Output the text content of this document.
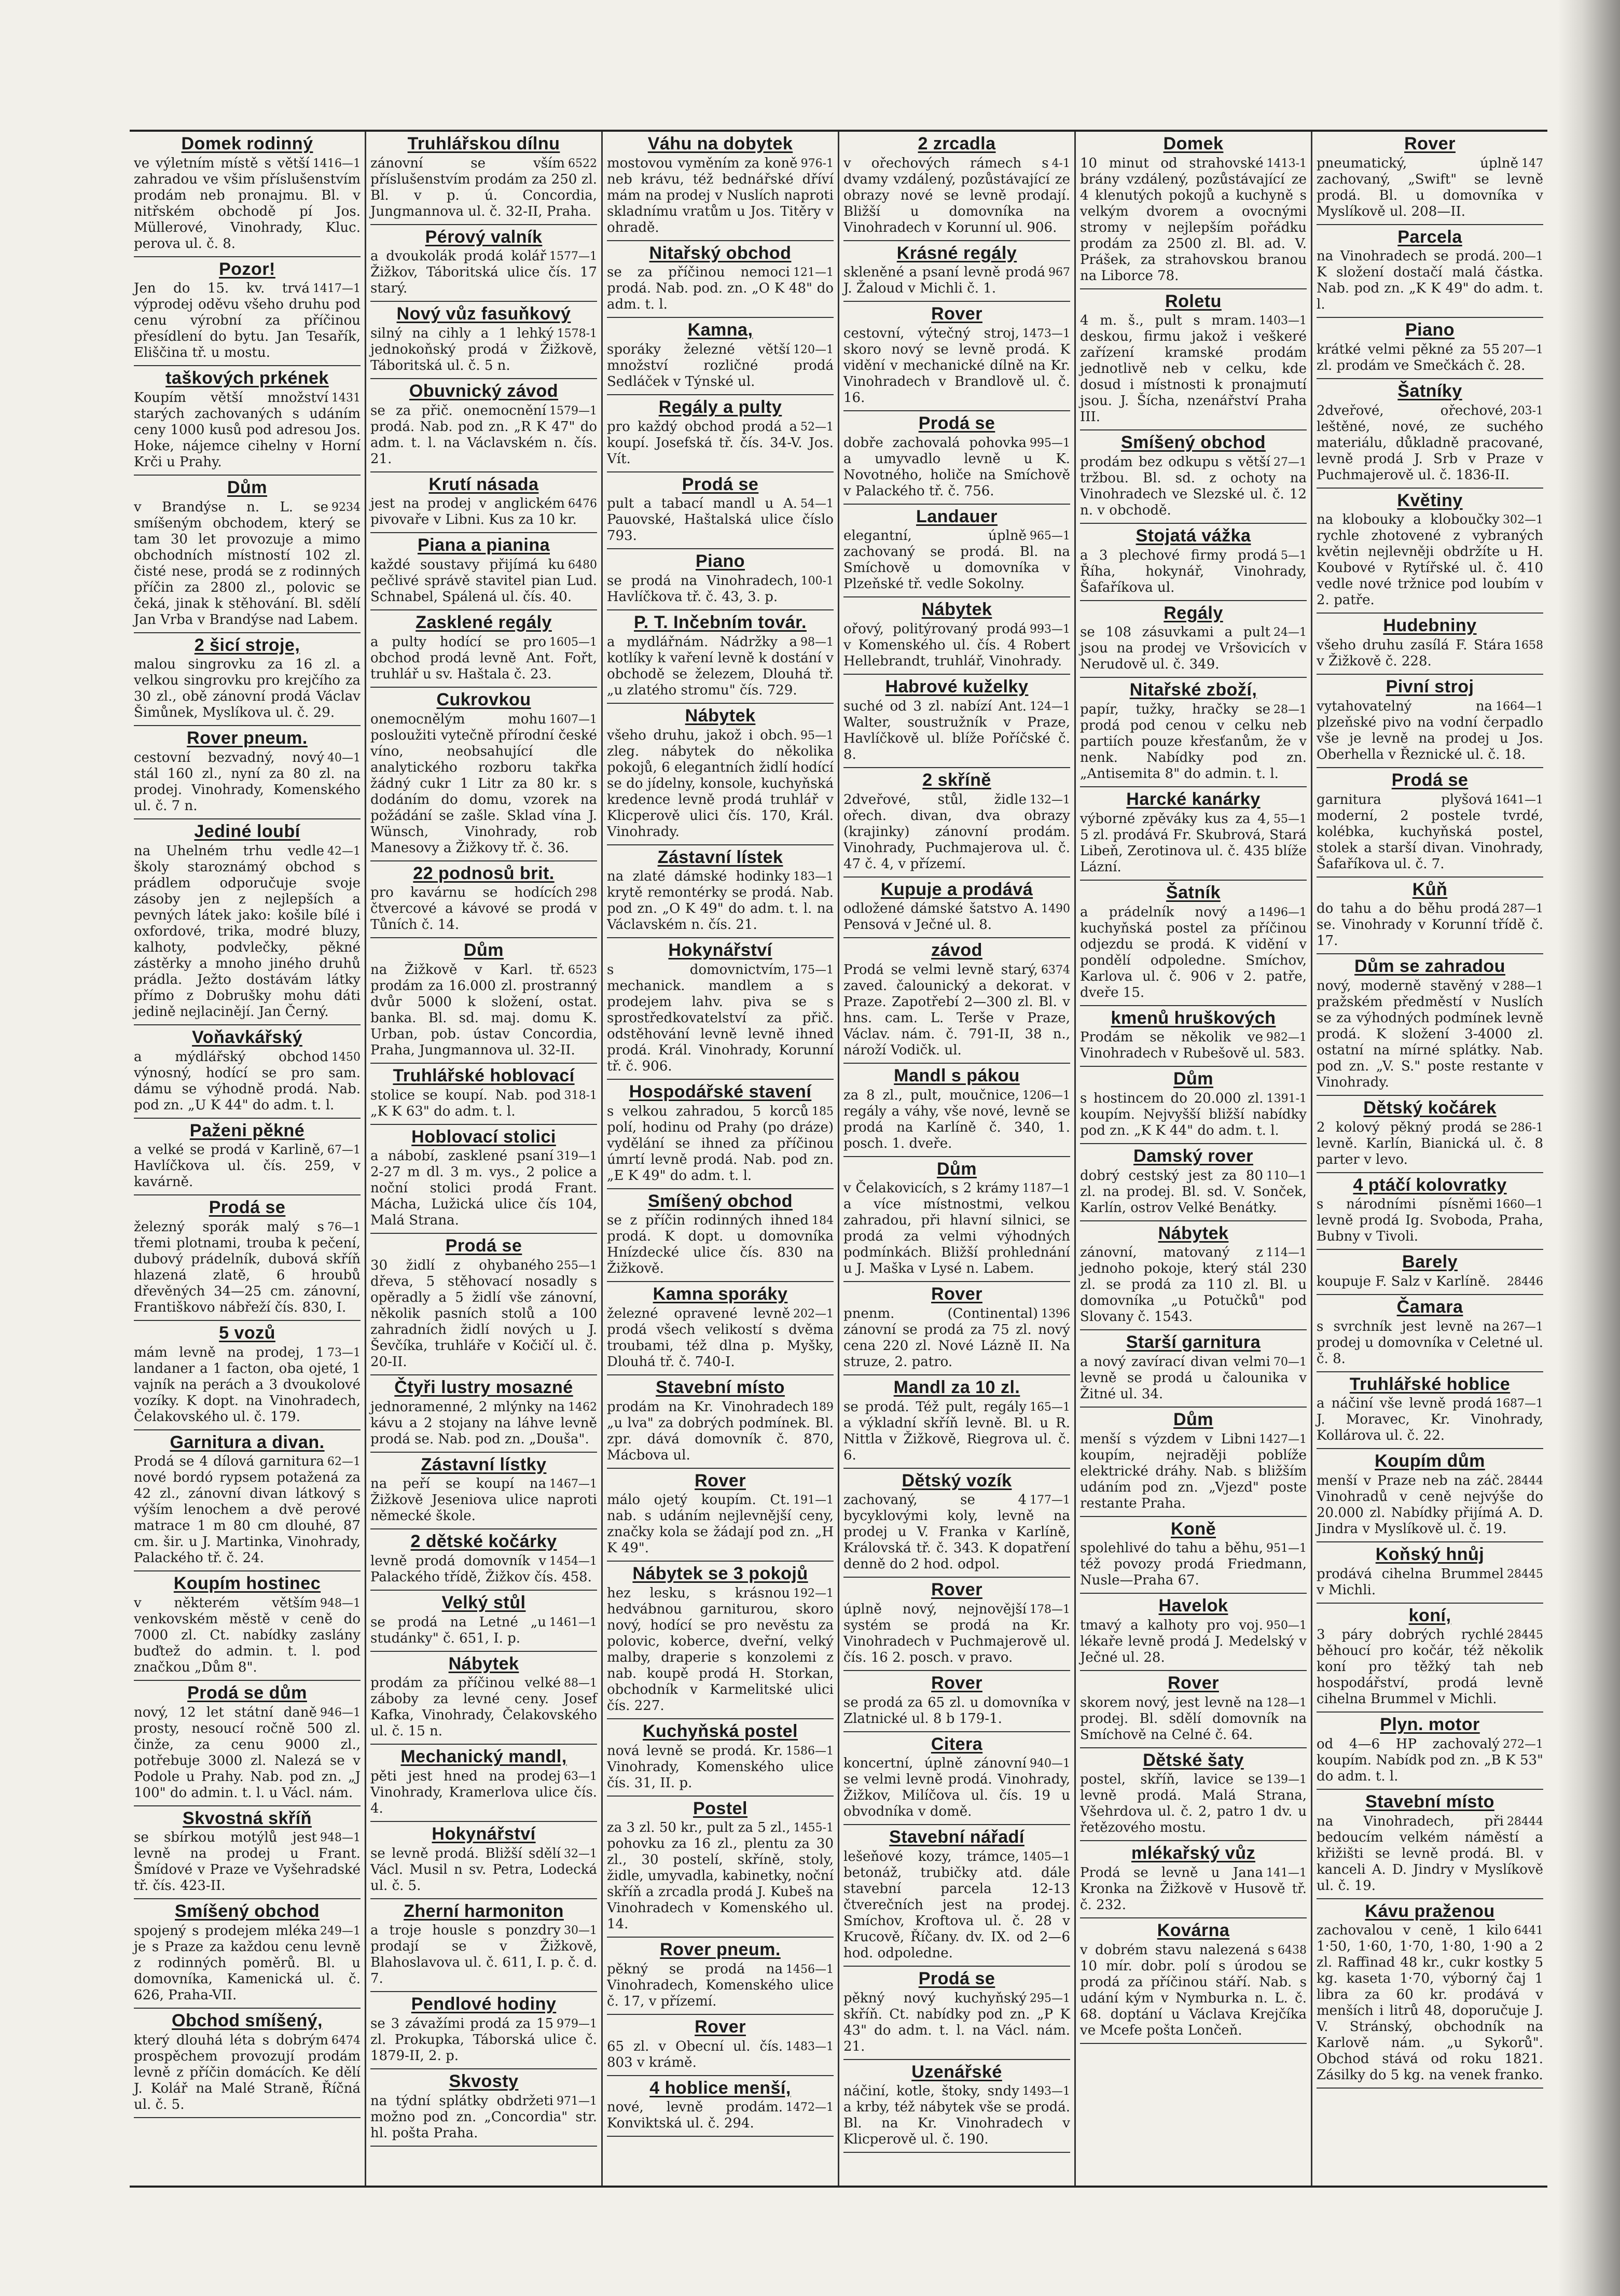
Domek rodinný

1416—1
ve výletním místě s větší zahradou ve všim příslušenstvím prodám neb pronajmu. Bl. v nitřském obchodě pí Jos. Müllerové, Vinohrady, Kluc. perova ul. č. 8.

Pozor!

1417—1
Jen do 15. kv. trvá výprodej oděvu všeho druhu pod cenu výrobní za příčinou přesídlení do bytu. Jan Tesařík, Eliščina tř. u mostu.

taškových prkének

1431
Koupím větší množství starých zachovaných s udáním ceny 1000 kusů pod adresou Jos. Hoke, nájemce cihelny v Horní Krči u Prahy.

Dům

9234
v Brandýse n. L. se smíšeným obchodem, který se tam 30 let provozuje a mimo obchodních místností 102 zl. čisté nese, prodá se z rodinných příčin za 2800 zl., polovic se čeká, jinak k stěhování. Bl. sdělí Jan Vrba v Brandýse nad Labem.

2 šicí stroje,

malou singrovku za 16 zl. a velkou singrovku pro krejčího za 30 zl., obě zánovní prodá Václav Šimůnek, Myslíkova ul. č. 29.

Rover pneum.

40—1
cestovní bezvadný, nový stál 160 zl., nyní za 80 zl. na prodej. Vinohrady, Komenského ul. č. 7 n.

Jediné loubí

42—1
na Uhelném trhu vedle školy staroznámý obchod s prádlem odporučuje svoje zásoby jen z nejlepších a pevných látek jako: košile bílé i oxfordové, trika, modré bluzy, kalhoty, podvlečky, pěkné zástěrky a mnoho jiného druhů prádla. Ježto dostávám látky přímo z Dobrušky mohu dáti jedině nejlacinějí. Jan Černý.

Voňavkářský

1450
a mýdlářský obchod výnosný, hodící se pro sam. dámu se výhodně prodá. Nab. pod zn. „U K 44" do adm. t. l.

Paženi pěkné

67—1
a velké se prodá v Karlině, Havlíčkova ul. čís. 259, v kavárně.

Prodá se

76—1
železný sporák malý s třemi plotnami, trouba k pečení, dubový prádelník, dubová skříň hlazená zlatě, 6 hroubů dřevěných 34—25 cm. zánovní, Františkovo nábřeží čís. 830, I.

5 vozů

73—1
mám levně na prodej, 1 landaner a 1 facton, oba ojeté, 1 vajník na perách a 3 dvoukolové vozíky. K dopt. na Vinohradech, Čelakovského ul. č. 179.

Garnitura a divan.

62—1
Prodá se 4 dílová garnitura nové bordó rypsem potažená za 42 zl., zánovní divan látkový s výším lenochem a dvě perové matrace 1 m 80 cm dlouhé, 87 cm. šir. u J. Martinka, Vinohrady, Palackého tř. č. 24.

Koupím hostinec

948—1
v některém větším venkovském městě v ceně do 7000 zl. Ct. nabídky zaslány buďtež do admin. t. l. pod značkou „Dům 8".

Prodá se dům

946—1
nový, 12 let státní daně prosty, nesoucí ročně 500 zl. činže, za cenu 9000 zl., potřebuje 3000 zl. Nalezá se v Podole u Prahy. Nab. pod zn. „J 100" do admin. t. l. u Václ. nám.

Skvostná skříň

948—1
se sbírkou motýlů jest levně na prodej u Frant. Šmídové v Praze ve Vyšehradské tř. čís. 423-II.

Smíšený obchod

249—1
spojený s prodejem mléka je s Praze za každou cenu levně z rodinných poměrů. Bl. u domovníka, Kamenická ul. č. 626, Praha-VII.

Obchod smíšený,

6474
který dlouhá léta s dobrým prospěchem provozují prodám levně z příčin domácích. Ke dělí J. Kolář na Malé Straně, Říčná ul. č. 5.

Truhlářskou dílnu

6522
zánovní se vším příslušenstvím prodám za 250 zl. Bl. v p. ú. Concordia, Jungmannova ul. č. 32-II, Praha.

Pérový valník

1577—1
a dvoukolák prodá kolář Žižkov, Táboritská ulice čís. 17 starý.

Nový vůz fasuňkový

1578-1
silný na cihly a 1 lehký jednokoňský prodá v Žižkově, Táboritská ul. č. 5 n.

Obuvnický závod

1579—1
se za přič. onemocnění prodá. Nab. pod zn. „R K 47" do adm. t. l. na Václavském n. čís. 21.

Krutí násada

6476
jest na prodej v anglickém pivovaře v Libni. Kus za 10 kr.

Piana a pianina

6480
každé soustavy přijímá ku pečlivé správě stavitel pian Lud. Schnabel, Spálená ul. čís. 40.

Zasklené regály

1605—1
a pulty hodící se pro obchod prodá levně Ant. Fořt, truhlář u sv. Haštala č. 23.

Cukrovkou

1607—1
onemocnělým mohu posloužiti vytečně přírodní české víno, neobsahující dle analytického rozboru takřka žádný cukr 1 Litr za 80 kr. s dodáním do domu, vzorek na požádání se zašle. Sklad vína J. Wünsch, Vinohrady, rob Manesovy a Žižkovy tř. č. 36.

22 podnosů brit.

298
pro kavárnu se hodících čtvercové a kávové se prodá v Tůních č. 14.

Dům

6523
na Žižkově v Karl. tř. prodám za 16.000 zl. prostranný dvůr 5000 k složení, ostat. banka. Bl. sd. maj. domu K. Urban, pob. ústav Concordia, Praha, Jungmannova ul. 32-II.

Truhlářské hoblovací

318-1
stolice se koupí. Nab. pod „K K 63" do adm. t. l.

Hoblovací stolici

319—1
a nábobí, zasklené psaní 2-27 m dl. 3 m. vys., 2 police a noční stolici prodá Frant. Mácha, Lužická ulice čís 104, Malá Strana.

Prodá se

255—1
30 židlí z ohybaného dřeva, 5 stěhovací nosadly s opěradly a 5 židlí vše zánovní, několik pasních stolů a 100 zahradních židlí nových u J. Ševčíka, truhláře v Kočičí ul. č. 20-II.

Čtyři lustry mosazné

1462
jednoramenné, 2 mlýnky na kávu a 2 stojany na láhve levně prodá se. Nab. pod zn. „Douša".

Zástavní lístky

1467—1
na peří se koupí na Žižkově Jeseniova ulice naproti německé škole.

2 dětské kočárky

1454—1
levně prodá domovník v Palackého třídě, Žižkov čís. 458.

Velký stůl

1461—1
se prodá na Letné „u studánky" č. 651, I. p.

Nábytek

88—1
prodám za příčinou velké záboby za levné ceny. Josef Kafka, Vinohrady, Čelakovského ul. č. 15 n.

Mechanický mandl,

63—1
pěti jest hned na prodej Vinohrady, Kramerlova ulice čís. 4.

Hokynářství

32—1
se levně prodá. Bližší sdělí Václ. Musil n sv. Petra, Lodecká ul. č. 5.

Zherní harmoniton

30—1
a troje housle s ponzdry prodají se v Žižkově, Blahoslavova ul. č. 611, I. p. č. d. 7.

Pendlové hodiny

979—1
se 3 závažími prodá za 15 zl. Prokupka, Táborská ulice č. 1879-II, 2. p.

Skvosty

971—1
na týdní splátky obdržeti možno pod zn. „Concordia" str. hl. pošta Praha.

Váhu na dobytek

976-1
mostovou vyměním za koně neb krávu, též bednářské dříví mám na prodej v Nuslích naproti skladnímu vratům u Jos. Titěry v ohradě.

Nitařský obchod

121—1
se za příčinou nemoci prodá. Nab. pod. zn. „O K 48" do adm. t. l.

Kamna,

120—1
sporáky železné větší množství rozličné prodá Sedláček v Týnské ul.

Regály a pulty

52—1
pro každý obchod prodá a koupí. Josefská tř. čís. 34-V. Jos. Vít.

Prodá se

54—1
pult a tabací mandl u A. Pauovské, Haštalská ulice číslo 793.

Piano

100-1
se prodá na Vinohradech, Havlíčkova tř. č. 43, 3. p.

P. T. Inčebním továr.

98—1
a mydlářnám. Nádržky a kotlíky k vaření levně k dostání v obchodě se železem, Dlouhá tř. „u zlatého stromu" čís. 729.

Nábytek

95—1
všeho druhu, jakož i obch. zleg. nábytek do několika pokojů, 6 elegantních židlí hodící se do jídelny, konsole, kuchyňská kredence levně prodá truhlář v Klicperově ulici čís. 170, Král. Vinohrady.

Zástavní lístek

183—1
na zlaté dámské hodinky krytě remontérky se prodá. Nab. pod zn. „O K 49" do adm. t. l. na Václavském n. čís. 21.

Hokynářství

175—1
s domovnictvím, mechanick. mandlem a s prodejem lahv. piva se s sprostředkovatelství za přič. odstěhování levně levně ihned prodá. Král. Vinohrady, Korunní tř. č. 906.

Hospodářské stavení

185
s velkou zahradou, 5 korců polí, hodinu od Prahy (po dráze) vydělání se ihned za příčinou úmrtí levně prodá. Nab. pod zn. „E K 49" do adm. t. l.

Smíšený obchod

184
se z příčin rodinných ihned prodá. K dopt. u domovníka Hnízdecké ulice čís. 830 na Žižkově.

Kamna sporáky

202—1
železné opravené levně prodá všech velikostí s dvěma troubami, též dlna p. Myšky, Dlouhá tř. č. 740-I.

Stavební místo

189
prodám na Kr. Vinohradech „u lva" za dobrých podmínek. Bl. zpr. dává domovník č. 870, Mácbova ul.

Rover

191—1
málo ojetý koupím. Ct. nab. s udáním nejlevnější ceny, značky kola se žádají pod zn. „H K 49".

Nábytek se 3 pokojů

192—1
hez lesku, s krásnou hedvábnou garniturou, skoro nový, hodící se pro nevěstu za polovic, koberce, dveřní, velký malby, draperie s konzolemi z nab. koupě prodá H. Storkan, obchodník v Karmelitské ulici čís. 227.

Kuchyňská postel

1586—1
nová levně se prodá. Kr. Vinohrady, Komenského ulice čís. 31, II. p.

Postel

1455-1
za 3 zl. 50 kr., pult za 5 zl., pohovku za 16 zl., plentu za 30 zl., 30 postelí, skříně, stoly, židle, umyvadla, kabinetky, noční skříň a zrcadla prodá J. Kubeš na Vinohradech v Komenského ul. 14.

Rover pneum.

1456—1
pěkný se prodá na Vinohradech, Komenského ulice č. 17, v přízemí.

Rover

1483—1
65 zl. v Obecní ul. čís. 803 v krámě.

4 hoblice menší,

1472—1
nové, levně prodám. Konviktská ul. č. 294.

2 zrcadla

4-1
v ořechových rámech s dvamy vzdálený, pozůstávající ze obrazy nové se levně prodají. Bližší u domovníka na Vinohradech v Korunní ul. 906.

Krásné regály

967
skleněné a psaní levně prodá J. Žaloud v Michli č. 1.

Rover

1473—1
cestovní, výtečný stroj, skoro nový se levně prodá. K vidění v mechanické dílně na Kr. Vinohradech v Brandlově ul. č. 16.

Prodá se

995—1
dobře zachovalá pohovka a umyvadlo levně u K. Novotného, holiče na Smíchově v Palackého tř. č. 756.

Landauer

965—1
elegantní, úplně zachovaný se prodá. Bl. na Smíchově u domovníka v Plzeňské tř. vedle Sokolny.

Nábytek

993—1
ořový, politýrovaný prodá v Komenského ul. čís. 4 Robert Hellebrandt, truhlář, Vinohrady.

Habrové kuželky

124—1
suché od 3 zl. nabízí Ant. Walter, soustružník v Praze, Havlíčkově ul. blíže Poříčské č. 8.

2 skříně

132—1
2dveřové, stůl, židle ořech. divan, dva obrazy (krajinky) zánovní prodám. Vinohrady, Puchmajerova ul. č. 47 č. 4, v přízemí.

Kupuje a prodává

1490
odložené dámské šatstvo A. Pensová v Ječné ul. 8.

závod

6374
Prodá se velmi levně starý, zaved. čalounický a dekorat. v Praze. Zapotřebí 2—300 zl. Bl. v hns. cam. L. Terše v Praze, Václav. nám. č. 791-II, 38 n., nároží Vodičk. ul.

Mandl s pákou

1206—1
za 8 zl., pult, moučnice, regály a váhy, vše nové, levně se prodá na Karlíně č. 340, 1. posch. 1. dveře.

Dům

1187—1
v Čelakovicích, s 2 krámy a více místnostmi, velkou zahradou, při hlavní silnici, se prodá za velmi výhodných podmínkách. Bližší prohlednání u J. Maška v Lysé n. Labem.

Rover

1396
pnenm. (Continental) zánovní se prodá za 75 zl. nový cena 220 zl. Nové Lázně II. Na struze, 2. patro.

Mandl za 10 zl.

165—1
se prodá. Též pult, regály a výkladní skříň levně. Bl. u R. Nittla v Žižkově, Riegrova ul. č. 6.

Dětský vozík

177—1
zachovaný, se 4 bycyklovými koly, levně na prodej u V. Franka v Karlíně, Královská tř. č. 343. K dopatření denně do 2 hod. odpol.

Rover

178—1
úplně nový, nejnovější systém se prodá na Kr. Vinohradech v Puchmajerově ul. čís. 16 2. posch. v pravo.

Rover

se prodá za 65 zl. u domovníka v Zlatnické ul. 8 b 179-1.

Citera

940—1
koncertní, úplně zánovní se velmi levně prodá. Vinohrady, Žižkov, Milíčova ul. čís. 19 u obvodníka v domě.

Stavební nářadí

1405—1
lešeňové kozy, trámce, betonáž, trubičky atd. dále stavební parcela 12-13 čtverečních jest na prodej. Smíchov, Kroftova ul. č. 28 v Krucově, Říčany. dv. IX. od 2—6 hod. odpoledne.

Prodá se

295—1
pěkný nový kuchyňský skříň. Ct. nabídky pod zn. „P K 43" do adm. t. l. na Václ. nám. 21.

Uzenářské

1493—1
náčiní, kotle, štoky, sndy a krby, též nábytek vše se prodá. Bl. na Kr. Vinohradech v Klicperově ul. č. 190.

Domek

1413-1
10 minut od strahovské brány vzdálený, pozůstávající ze 4 klenutých pokojů a kuchyně s velkým dvorem a ovocnými stromy v nejlepším pořádku prodám za 2500 zl. Bl. ad. V. Prášek, za strahovskou branou na Liborce 78.

Roletu

1403—1
4 m. š., pult s mram. deskou, firmu jakož i veškeré zařízení kramské prodám jednotlivě neb v celku, kde dosud i místnosti k pronajmutí jsou. J. Šícha, nzenářství Praha III.

Smíšený obchod

27—1
prodám bez odkupu s větší tržbou. Bl. sd. z ochoty na Vinohradech ve Slezské ul. č. 12 n. v obchodě.

Stojatá vážka

5—1
a 3 plechové firmy prodá Říha, hokynář, Vinohrady, Šafaříkova ul.

Regály

24—1
se 108 zásuvkami a pult jsou na prodej ve Vršovicích v Nerudově ul. č. 349.

Nitařské zboží,

28—1
papír, tužky, hračky se prodá pod cenou v celku neb partiích pouze křesťanům, že v nenk. Nabídky pod zn. „Antisemita 8" do admin. t. l.

Harcké kanárky

55—1
výborné zpěváky kus za 4, 5 zl. prodává Fr. Skubrová, Stará Libeň, Zerotinova ul. č. 435 blíže Lázní.

Šatník

1496—1
a prádelník nový a kuchyňská postel za příčinou odjezdu se prodá. K vidění v pondělí odpoledne. Smíchov, Karlova ul. č. 906 v 2. patře, dveře 15.

kmenů hruškových

982—1
Prodám se několik ve Vinohradech v Rubešově ul. 583.

Dům

1391-1
s hostincem do 20.000 zl. koupím. Nejvyšší bližší nabídky pod zn. „K K 44" do adm. t. l.

Damský rover

110—1
dobrý cestský jest za 80 zl. na prodej. Bl. sd. V. Sonček, Karlín, ostrov Velké Benátky.

Nábytek

114—1
zánovní, matovaný z jednoho pokoje, který stál 230 zl. se prodá za 110 zl. Bl. u domovníka „u Potučků" pod Slovany č. 1543.

Starší garnitura

70—1
a nový zavírací divan velmi levně se prodá u čalounika v Žitné ul. 34.

Dům

1427—1
menší s výzdem v Libni koupím, nejraději poblíže elektrické dráhy. Nab. s bližším udáním pod zn. „Vjezd" poste restante Praha.

Koně

951—1
spolehlivé do tahu a běhu, též povozy prodá Friedmann, Nusle—Praha 67.

Havelok

950—1
tmavý a kalhoty pro voj. lékaře levně prodá J. Medelský v Ječné ul. 28.

Rover

128—1
skorem nový, jest levně na prodej. Bl. sdělí domovník na Smíchově na Celné č. 64.

Dětské šaty

139—1
postel, skříň, lavice se levně prodá. Malá Strana, Všehrdova ul. č. 2, patro 1 dv. u řetězového mostu.

mlékařský vůz

141—1
Prodá se levně u Jana Kronka na Žižkově v Husově tř. č. 232.

Kovárna

6438
v dobrém stavu nalezená s 10 mír. dobr. polí s úrodou se prodá za příčinou stáří. Nab. s udání kým v Nymburka n. L. č. 68. doptání u Václava Krejčíka ve Mcefe pošta Lončeň.

Rover

147
pneumatický, úplně zachovaný, „Swift" se levně prodá. Bl. u domovníka v Myslíkově ul. 208—II.

Parcela

200—1
na Vinohradech se prodá. K složení dostačí malá částka. Nab. pod zn. „K K 49" do adm. t. l.

Piano

207—1
krátké velmi pěkné za 55 zl. prodám ve Smečkách č. 28.

Šatníky

203-1
2dveřové, ořechové, leštěné, nové, ze suchého materiálu, důkladně pracované, levně prodá J. Srb v Praze v Puchmajerově ul. č. 1836-II.

Květiny

302—1
na klobouky a kloboučky rychle zhotovené z vybraných květin nejlevněji obdržíte u H. Koubové v Rytířské ul. č. 410 vedle nové tržnice pod loubím v 2. patře.

Hudebniny

1658
všeho druhu zasílá F. Stára v Žižkově č. 228.

Pivní stroj

1664—1
vytahovatelný na plzeňské pivo na vodní čerpadlo vše je levně na prodej u Jos. Oberhella v Řeznické ul. č. 18.

Prodá se

1641—1
garnitura plyšová moderní, 2 postele tvrdé, kolébka, kuchyňská postel, stolek a starší divan. Vinohrady, Šafaříkova ul. č. 7.

Kůň

287—1
do tahu a do běhu prodá se. Vinohrady v Korunní třídě č. 17.

Dům se zahradou

288—1
nový, moderně stavěný v pražském předměstí v Nuslích se za výhodných podmínek levně prodá. K složení 3-4000 zl. ostatní na mírné splátky. Nab. pod zn. „V. S." poste restante v Vinohrady.

Dětský kočárek

286-1
2 kolový pěkný prodá se levně. Karlín, Bianická ul. č. 8 parter v levo.

4 ptáčí kolovratky

1660—1
s národními písněmi levně prodá Ig. Svoboda, Praha, Bubny v Tivoli.

Barely

28446
koupuje F. Salz v Karlíně.

Čamara

267—1
s svrchník jest levně na prodej u domovníka v Celetné ul. č. 8.

Truhlářské hoblice

1687—1
a náčiní vše levně prodá J. Moravec, Kr. Vinohrady, Kollárova ul. č. 22.

Koupím dům

28444
menší v Praze neb na záč. Vinohradů v ceně nejvýše do 20.000 zl. Nabídky přijímá A. D. Jindra v Myslíkově ul. č. 19.

Koňský hnůj

28445
prodává cihelna Brummel v Michli.

koní,

28445
3 páry dobrých rychlé běhoucí pro kočár, též několik koní pro těžký tah neb hospodářství, prodá levně cihelna Brummel v Michli.

Plyn. motor

272—1
od 4—6 HP zachovalý koupím. Nabídk pod zn. „B K 53" do adm. t. l.

Stavební místo

28444
na Vinohradech, při bedoucím velkém náměstí a křižišti se levně prodá. Bl. v kanceli A. D. Jindry v Myslíkově ul. č. 19.

Kávu praženou

6441
zachovalou v ceně, 1 kilo 1·50, 1·60, 1·70, 1·80, 1·90 a 2 zl. Raffinad 48 kr., cukr kostky 5 kg. kaseta 1·70, výborný čaj 1 libra za 60 kr. prodává v menších i litrů 48, doporučuje J. V. Stránský, obchodník na Karlově nám. „u Sykorů". Obchod stává od roku 1821. Zásilky do 5 kg. na venek franko.
